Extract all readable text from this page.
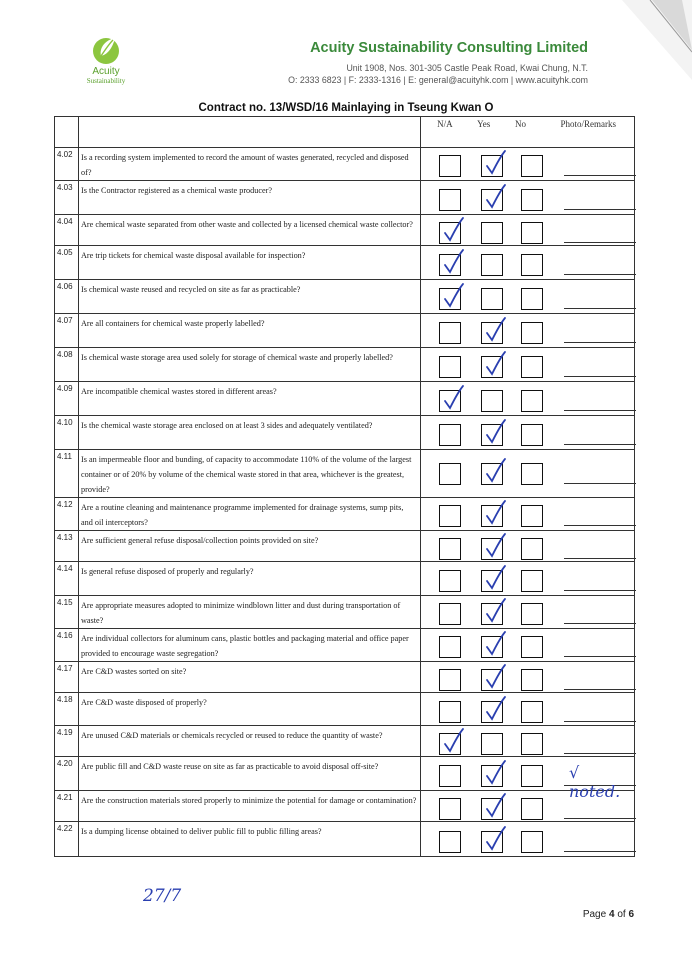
Acuity
Sustainability
Acuity Sustainability Consulting Limited
Unit 1908, Nos. 301-305 Castle Peak Road, Kwai Chung, N.T.
O: 2333 6823 | F: 2333-1316 | E: general@acuityhk.com | www.acuityhk.com
Contract no. 13/WSD/16 Mainlaying in Tseung Kwan O

		N/A Yes No Photo/Remarks

4.02	Is a recording system implemented to record the amount of wastes generated, recycled and disposed of?	

4.03	Is the Contractor registered as a chemical waste producer?	

4.04	Are chemical waste separated from other waste and collected by a licensed chemical waste collector?	

4.05	Are trip tickets for chemical waste disposal available for inspection?	

4.06	Is chemical waste reused and recycled on site as far as practicable?	

4.07	Are all containers for chemical waste properly labelled?	

4.08	Is chemical waste storage area used solely for storage of chemical waste and properly labelled?	

4.09	Are incompatible chemical wastes stored in different areas?	

4.10	Is the chemical waste storage area enclosed on at least 3 sides and adequately ventilated?	

4.11	Is an impermeable floor and bunding, of capacity to accommodate 110% of the volume of the largest container or of 20% by volume of the chemical waste stored in that area, whichever is the greatest, provide?	

4.12	Are a routine cleaning and maintenance programme implemented for drainage systems, sump pits, and oil interceptors?	

4.13	Are sufficient general refuse disposal/collection points provided on site?	

4.14	Is general refuse disposed of properly and regularly?	

4.15	Are appropriate measures adopted to minimize windblown litter and dust during transportation of waste?	

4.16	Are individual collectors for aluminum cans, plastic bottles and packaging material and office paper provided to encourage waste segregation?	

4.17	Are C&D wastes sorted on site?	

4.18	Are C&D waste disposed of properly?	

4.19	Are unused C&D materials or chemicals recycled or reused to reduce the quantity of waste?	

4.20	Are public fill and C&D waste reuse on site as far as practicable to avoid disposal off-site?	√ noted.

4.21	Are the construction materials stored properly to minimize the potential for damage or contamination?	

4.22	Is a dumping license obtained to deliver public fill to public filling areas?	
27/7
Page 4 of 6
